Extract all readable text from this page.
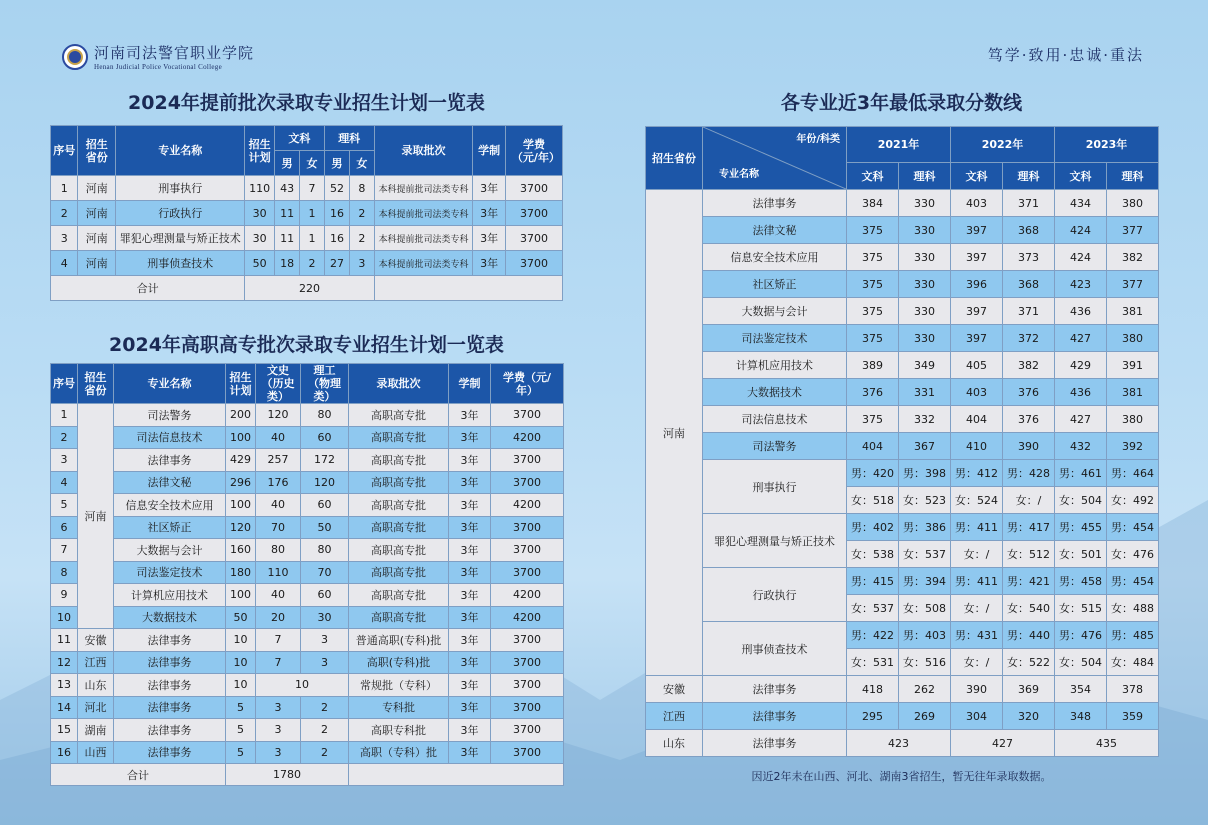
河南司法警官职业学院
Henan Judicial Police Vocational College
笃学·致用·忠诚·重法
2024年提前批次录取专业招生计划一览表
2024年高职高专批次录取专业招生计划一览表
各专业近3年最低录取分数线
序号	招生省份	专业名称	招生计划	文科		理科		录取批次	学制	学费（元/年）
				男	女	男	女			
1	河南	刑事执行	110	43	7	52	8	本科提前批司法类专科	3年	3700
2	河南	行政执行	30	11	1	16	2	本科提前批司法类专科	3年	3700
3	河南	罪犯心理测量与矫正技术	30	11	1	16	2	本科提前批司法类专科	3年	3700
4	河南	刑事侦查技术	50	18	2	27	3	本科提前批司法类专科	3年	3700
合计			220							
序号	招生省份	专业名称	招生计划	文史（历史类）	理工（物理类）	录取批次	学制	学费（元/年）
1	河南	司法警务	200	120	80	高职高专批	3年	3700
2		司法信息技术	100	40	60	高职高专批	3年	4200
3		法律事务	429	257	172	高职高专批	3年	3700
4		法律文秘	296	176	120	高职高专批	3年	3700
5		信息安全技术应用	100	40	60	高职高专批	3年	4200
6		社区矫正	120	70	50	高职高专批	3年	3700
7		大数据与会计	160	80	80	高职高专批	3年	3700
8		司法鉴定技术	180	110	70	高职高专批	3年	3700
9		计算机应用技术	100	40	60	高职高专批	3年	4200
10		大数据技术	50	20	30	高职高专批	3年	4200
11	安徽	法律事务	10	7	3	普通高职(专科)批	3年	3700
12	江西	法律事务	10	7	3	高职(专科)批	3年	3700
13	山东	法律事务	10	10		常规批（专科）	3年	3700
14	河北	法律事务	5	3	2	专科批	3年	3700
15	湖南	法律事务	5	3	2	高职专科批	3年	3700
16	山西	法律事务	5	3	2	高职（专科）批	3年	3700
合计			1780					
招生省份	年份/科类
专业名称	2021年		2022年		2023年	
		文科	理科	文科	理科	文科	理科
河南	法律事务	384	330	403	371	434	380
	法律文秘	375	330	397	368	424	377
	信息安全技术应用	375	330	397	373	424	382
	社区矫正	375	330	396	368	423	377
	大数据与会计	375	330	397	371	436	381
	司法鉴定技术	375	330	397	372	427	380
	计算机应用技术	389	349	405	382	429	391
	大数据技术	376	331	403	376	436	381
	司法信息技术	375	332	404	376	427	380
	司法警务	404	367	410	390	432	392
	刑事执行	男：420	男：398	男：412	男：428	男：461	男：464
		女：518	女：523	女：524	女：/	女：504	女：492
	罪犯心理测量与矫正技术	男：402	男：386	男：411	男：417	男：455	男：454
		女：538	女：537	女：/	女：512	女：501	女：476
	行政执行	男：415	男：394	男：411	男：421	男：458	男：454
		女：537	女：508	女：/	女：540	女：515	女：488
	刑事侦查技术	男：422	男：403	男：431	男：440	男：476	男：485
		女：531	女：516	女：/	女：522	女：504	女：484
安徽	法律事务	418	262	390	369	354	378
江西	法律事务	295	269	304	320	348	359
山东	法律事务	423		427		435	
因近2年未在山西、河北、湖南3省招生，暂无往年录取数据。
